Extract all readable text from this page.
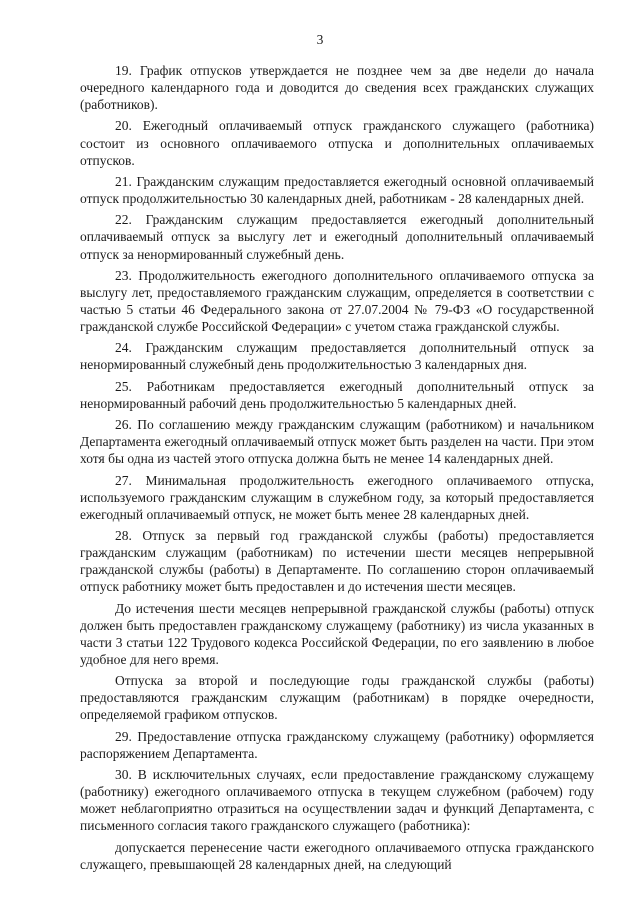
3

19. График отпусков утверждается не позднее чем за две недели до начала очередного календарного года и доводится до сведения всех гражданских служащих (работников).

20. Ежегодный оплачиваемый отпуск гражданского служащего (работника) состоит из основного оплачиваемого отпуска и дополнительных оплачиваемых отпусков.

21. Гражданским служащим предоставляется ежегодный основной оплачиваемый отпуск продолжительностью 30 календарных дней, работникам - 28 календарных дней.

22. Гражданским служащим предоставляется ежегодный дополнительный оплачиваемый отпуск за выслугу лет и ежегодный дополнительный оплачиваемый отпуск за ненормированный служебный день.

23. Продолжительность ежегодного дополнительного оплачиваемого отпуска за выслугу лет, предоставляемого гражданским служащим, определяется в соответствии с частью 5 статьи 46 Федерального закона от 27.07.2004 № 79-ФЗ «О государственной гражданской службе Российской Федерации» с учетом стажа гражданской службы.

24. Гражданским служащим предоставляется дополнительный отпуск за ненормированный служебный день продолжительностью 3 календарных дня.

25. Работникам предоставляется ежегодный дополнительный отпуск за ненормированный рабочий день продолжительностью 5 календарных дней.

26. По соглашению между гражданским служащим (работником) и начальником Департамента ежегодный оплачиваемый отпуск может быть разделен на части. При этом хотя бы одна из частей этого отпуска должна быть не менее 14 календарных дней.

27. Минимальная продолжительность ежегодного оплачиваемого отпуска, используемого гражданским служащим в служебном году, за который предоставляется ежегодный оплачиваемый отпуск, не может быть менее 28 календарных дней.

28. Отпуск за первый год гражданской службы (работы) предоставляется гражданским служащим (работникам) по истечении шести месяцев непрерывной гражданской службы (работы) в Департаменте. По соглашению сторон оплачиваемый отпуск работнику может быть предоставлен и до истечения шести месяцев.

До истечения шести месяцев непрерывной гражданской службы (работы) отпуск должен быть предоставлен гражданскому служащему (работнику) из числа указанных в части 3 статьи 122 Трудового кодекса Российской Федерации, по его заявлению в любое удобное для него время.

Отпуска за второй и последующие годы гражданской службы (работы) предоставляются гражданским служащим (работникам) в порядке очередности, определяемой графиком отпусков.

29. Предоставление отпуска гражданскому служащему (работнику) оформляется распоряжением Департамента.

30. В исключительных случаях, если предоставление гражданскому служащему (работнику) ежегодного оплачиваемого отпуска в текущем служебном (рабочем) году может неблагоприятно отразиться на осуществлении задач и функций Департамента, с письменного согласия такого гражданского служащего (работника):

допускается перенесение части ежегодного оплачиваемого отпуска гражданского служащего, превышающей 28 календарных дней, на следующий
